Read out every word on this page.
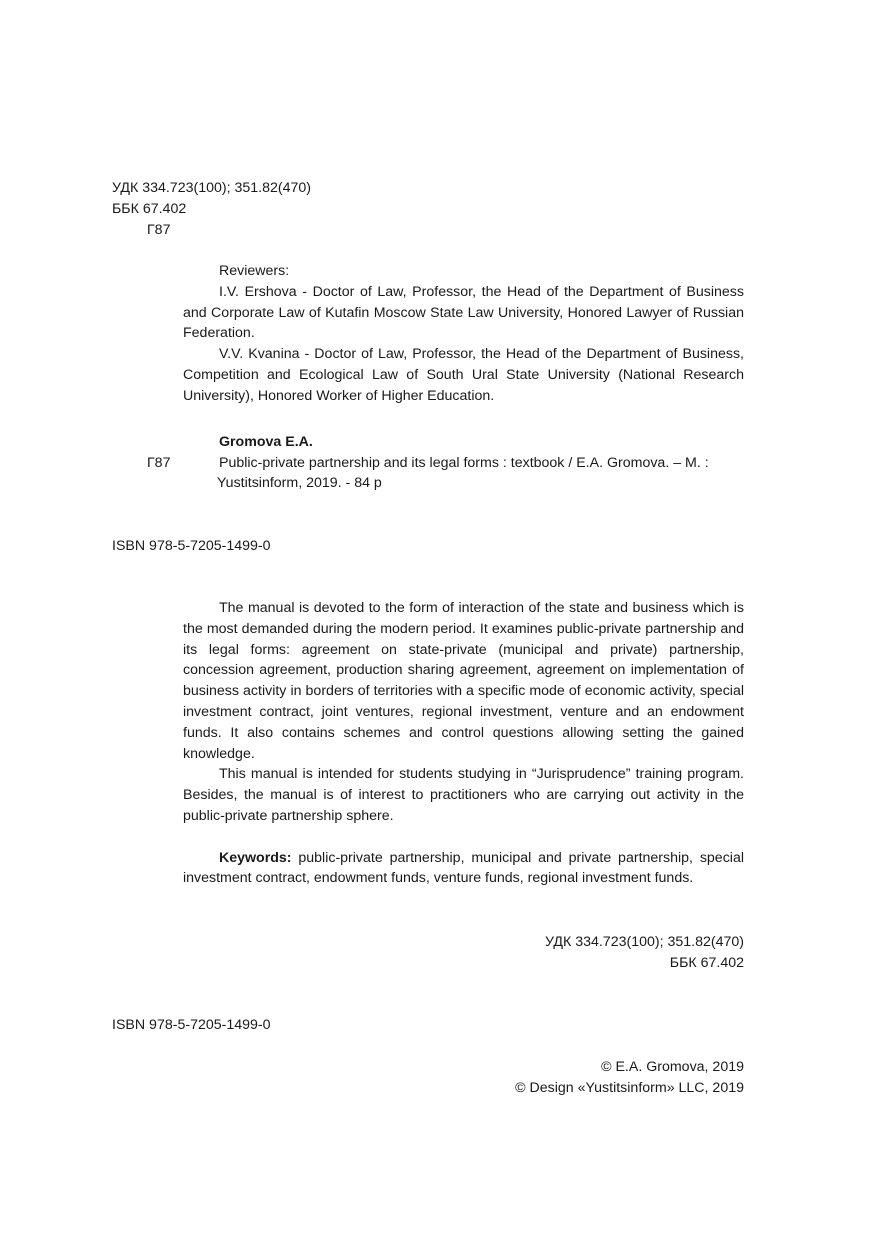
УДК 334.723(100); 351.82(470)

ББК 67.402

Г87

Reviewers:

I.V. Ershova - Doctor of Law, Professor, the Head of the Department of Business and Corporate Law of Kutafin Moscow State Law University, Honored Lawyer of Russian Federation.

V.V. Kvanina - Doctor of Law, Professor, the Head of the Department of Business, Competition and Ecological Law of South Ural State University (National Research University), Honored Worker of Higher Education.

Gromova E.A.

Г87	Public-private partnership and its legal forms : textbook / E.A. Gromova. – M. :

Yustitsinform, 2019. - 84 p

ISBN 978-5-7205-1499-0

The manual is devoted to the form of interaction of the state and business which is the most demanded during the modern period. It examines public-private partnership and its legal forms: agreement on state-private (municipal and private) partnership, concession agreement, production sharing agreement, agreement on implementation of business activity in borders of territories with a specific mode of economic activity, special investment contract, joint ventures, regional investment, venture and an endowment funds. It also contains schemes and control questions allowing setting the gained knowledge.

This manual is intended for students studying in “Jurisprudence” training program. Besides, the manual is of interest to practitioners who are carrying out activity in the public-private partnership sphere.

Keywords: public-private partnership, municipal and private partnership, special investment contract, endowment funds, venture funds, regional investment funds.

УДК 334.723(100); 351.82(470)

ББК 67.402

ISBN 978-5-7205-1499-0

© E.A. Gromova, 2019

© Design «Yustitsinform» LLC, 2019
